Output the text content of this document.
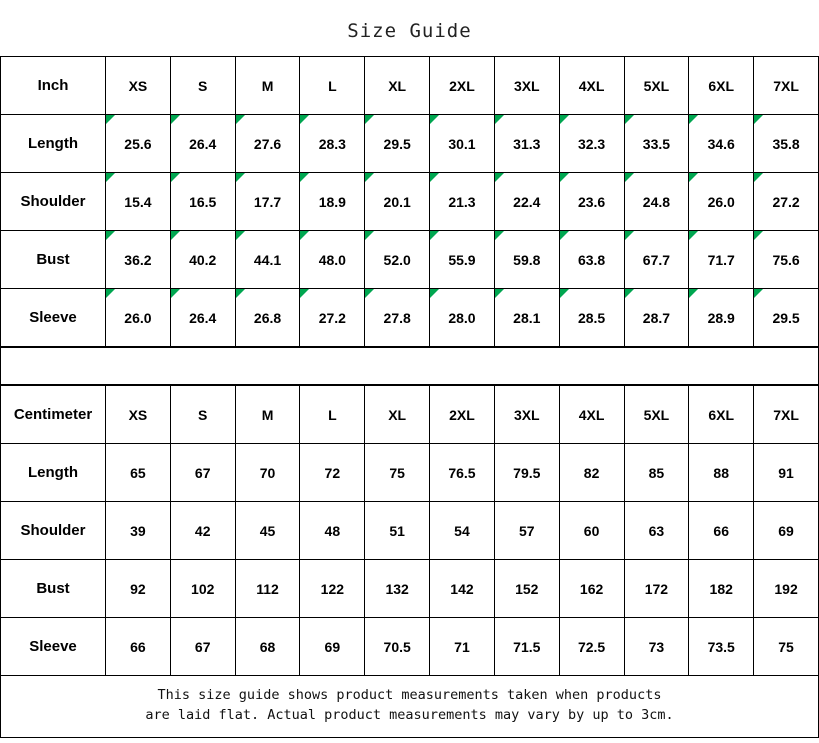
Size Guide
Inch	XS	S	M	L	XL	2XL	3XL	4XL	5XL	6XL	7XL
Length	25.6	26.4	27.6	28.3	29.5	30.1	31.3	32.3	33.5	34.6	35.8
Shoulder	15.4	16.5	17.7	18.9	20.1	21.3	22.4	23.6	24.8	26.0	27.2
Bust	36.2	40.2	44.1	48.0	52.0	55.9	59.8	63.8	67.7	71.7	75.6
Sleeve	26.0	26.4	26.8	27.2	27.8	28.0	28.1	28.5	28.7	28.9	29.5
Centimeter	XS	S	M	L	XL	2XL	3XL	4XL	5XL	6XL	7XL
Length	65	67	70	72	75	76.5	79.5	82	85	88	91
Shoulder	39	42	45	48	51	54	57	60	63	66	69
Bust	92	102	112	122	132	142	152	162	172	182	192
Sleeve	66	67	68	69	70.5	71	71.5	72.5	73	73.5	75
This size guide shows product measurements taken when products
are laid flat. Actual product measurements may vary by up to 3cm.
